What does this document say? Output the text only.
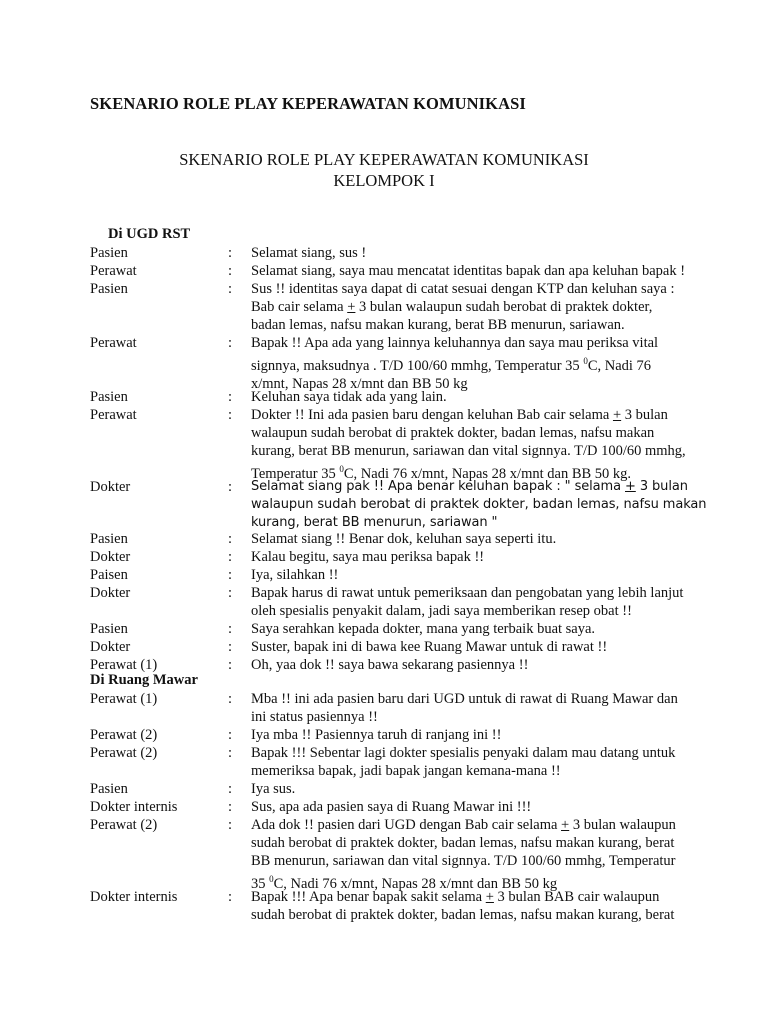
SKENARIO ROLE PLAY KEPERAWATAN KOMUNIKASI
SKENARIO ROLE PLAY KEPERAWATAN KOMUNIKASI
KELOMPOK I
Di UGD RST
Di Ruang Mawar
Pasien	: Selamat siang, sus !
Perawat	: Selamat siang, saya mau mencatat identitas bapak dan apa keluhan bapak !
Pasien	: Sus !! identitas saya dapat di catat sesuai dengan KTP dan keluhan saya :
Bab cair selama + 3 bulan walaupun sudah berobat di praktek dokter,
badan lemas, nafsu makan kurang, berat BB menurun, sariawan.
Perawat	: Bapak !! Apa ada yang lainnya keluhannya dan saya mau periksa vital
signnya, maksudnya . T/D 100/60 mmhg, Temperatur 35 $^0$C, Nadi 76
x/mnt, Napas 28 x/mnt dan BB 50 kg
Pasien	: Keluhan saya tidak ada yang lain.
Perawat	: Dokter !! Ini ada pasien baru dengan keluhan Bab cair selama + 3 bulan
walaupun sudah berobat di praktek dokter, badan lemas, nafsu makan
kurang, berat BB menurun, sariawan dan vital signnya. T/D 100/60 mmhg,
Temperatur 35 $^0$C, Nadi 76 x/mnt, Napas 28 x/mnt dan BB 50 kg.
Dokter	: Selamat siang pak !! Apa benar keluhan bapak : " selama + 3 bulan
walaupun sudah berobat di praktek dokter, badan lemas, nafsu makan
kurang, berat BB menurun, sariawan "
Pasien	: Selamat siang !! Benar dok, keluhan saya seperti itu.
Dokter	: Kalau begitu, saya mau periksa bapak !!
Paisen	: Iya, silahkan !!
Dokter	: Bapak harus di rawat untuk pemeriksaan dan pengobatan yang lebih lanjut
oleh spesialis penyakit dalam, jadi saya memberikan resep obat !!
Pasien	: Saya serahkan kepada dokter, mana yang terbaik buat saya.
Dokter	: Suster, bapak ini di bawa kee Ruang Mawar untuk di rawat !!
Perawat (1)	: Oh, yaa dok !! saya bawa sekarang pasiennya !!
Perawat (1)	: Mba !! ini ada pasien baru dari UGD untuk di rawat di Ruang Mawar dan
ini status pasiennya !!
Perawat (2)	: Iya mba !! Pasiennya taruh di ranjang ini !!
Perawat (2)	: Bapak !!! Sebentar lagi dokter spesialis penyaki dalam mau datang untuk
memeriksa bapak, jadi bapak jangan kemana-mana !!
Pasien	: Iya sus.
Dokter internis	: Sus, apa ada pasien saya di Ruang Mawar ini !!!
Perawat (2)	: Ada dok !! pasien dari UGD dengan Bab cair selama + 3 bulan walaupun
sudah berobat di praktek dokter, badan lemas, nafsu makan kurang, berat
BB menurun, sariawan dan vital signnya. T/D 100/60 mmhg, Temperatur
35 $^0$C, Nadi 76 x/mnt, Napas 28 x/mnt dan BB 50 kg
Dokter internis	: Bapak !!! Apa benar bapak sakit selama + 3 bulan BAB cair walaupun
sudah berobat di praktek dokter, badan lemas, nafsu makan kurang, berat
